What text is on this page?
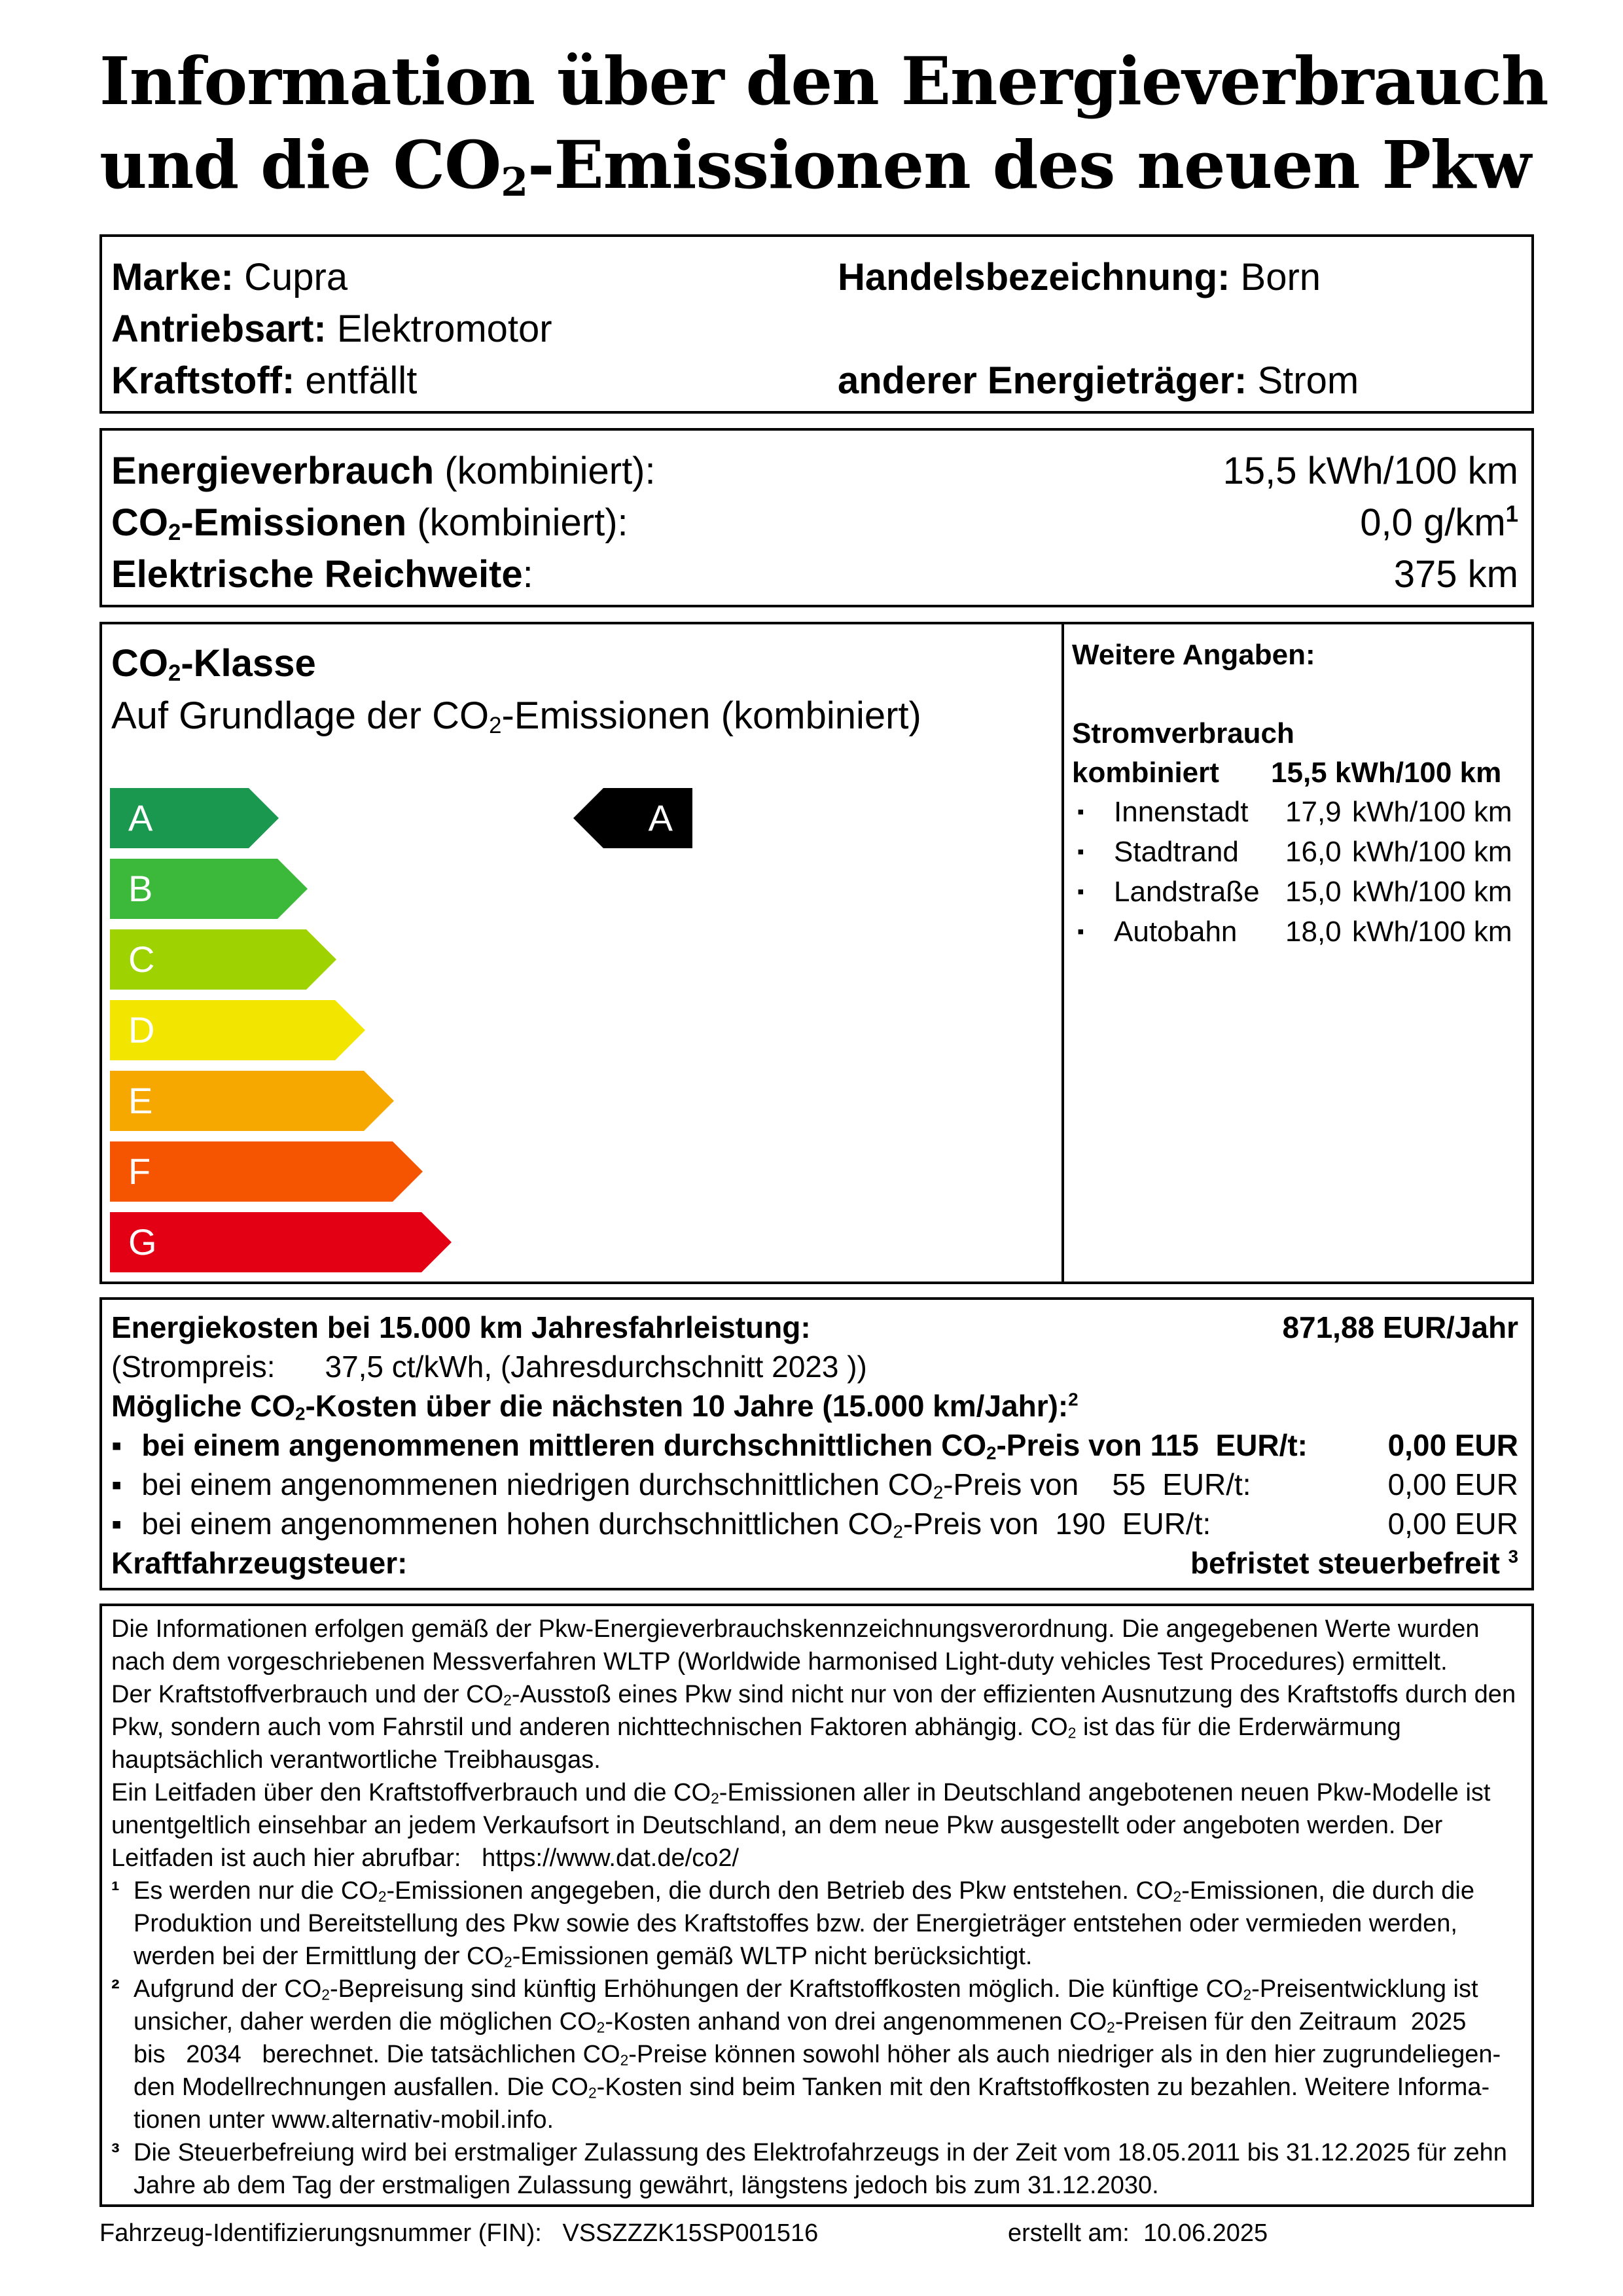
Information über den Energieverbrauch
und die $CO_2$-Emissionen des neuen Pkw
Marke: Cupra	Handelsbezeichnung: Born
Antriebsart: Elektromotor
Kraftstoff: entfällt	anderer Energieträger: Strom
Energieverbrauch (kombiniert):	15,5 kWh/100 km
$CO_2$-Emissionen (kombiniert):	0,0 $g/km^1$
Elektrische Reichweite:	375 km
$CO_2$-Klasse
Auf Grundlage der $CO_2$-Emissionen (kombiniert)
A
B
C
D
E
F
G
A
Weitere Angaben:
Stromverbrauch
kombiniert 15,5 kWh/100 km
▪ Innenstadt 17,9 kWh/100 km
▪ Stadtrand 16,0 kWh/100 km
▪ Landstraße 15,0 kWh/100 km
▪ Autobahn 18,0 kWh/100 km
Energiekosten bei 15.000 km Jahresfahrleistung:	871,88 EUR/Jahr
(Strompreis: 37,5 ct/kWh, (Jahresdurchschnitt 2023 ))
Mögliche $CO_2$-Kosten über die nächsten 10 Jahre (15.000 km/Jahr):$^2$
▪ bei einem angenommenen mittleren durchschnittlichen $CO_2$-Preis von 115 EUR/t:	0,00 EUR
▪ bei einem angenommenen niedrigen durchschnittlichen $CO_2$-Preis von 55 EUR/t:	0,00 EUR
▪ bei einem angenommenen hohen durchschnittlichen $CO_2$-Preis von 190 EUR/t:	0,00 EUR
Kraftfahrzeugsteuer:	befristet steuerbefreit $^3$

Die Informationen erfolgen gemäß der Pkw-Energieverbrauchskennzeichnungsverordnung. Die angegebenen Werte wurden nach dem vorgeschriebenen Messverfahren WLTP (Worldwide harmonised Light-duty vehicles Test Procedures) ermittelt.

Der Kraftstoffverbrauch und der $CO_2$-Ausstoß eines Pkw sind nicht nur von der effizienten Ausnutzung des Kraftstoffs durch den Pkw, sondern auch vom Fahrstil und anderen nichttechnischen Faktoren abhängig. $CO_2$ ist das für die Erderwärmung hauptsächlich verantwortliche Treibhausgas.

Ein Leitfaden über den Kraftstoffverbrauch und die $CO_2$-Emissionen aller in Deutschland angebotenen neuen Pkw-Modelle ist unentgeltlich einsehbar an jedem Verkaufsort in Deutschland, an dem neue Pkw ausgestellt oder angeboten werden. Der Leitfaden ist auch hier abrufbar: https://www.dat.de/co2/

¹ Es werden nur die $CO_2$-Emissionen angegeben, die durch den Betrieb des Pkw entstehen. $CO_2$-Emissionen, die durch die Produktion und Bereitstellung des Pkw sowie des Kraftstoffes bzw. der Energieträger entstehen oder vermieden werden, werden bei der Ermittlung der $CO_2$-Emissionen gemäß WLTP nicht berücksichtigt.

² Aufgrund der $CO_2$-Bepreisung sind künftig Erhöhungen der Kraftstoffkosten möglich. Die künftige $CO_2$-Preisentwicklung ist unsicher, daher werden die möglichen $CO_2$-Kosten anhand von drei angenommenen $CO_2$-Preisen für den Zeitraum 2025 bis 2034 berechnet. Die tatsächlichen $CO_2$-Preise können sowohl höher als auch niedriger als in den hier zugrundeliegen-den Modellrechnungen ausfallen. Die $CO_2$-Kosten sind beim Tanken mit den Kraftstoffkosten zu bezahlen. Weitere Informa-tionen unter www.alternativ-mobil.info.

³ Die Steuerbefreiung wird bei erstmaliger Zulassung des Elektrofahrzeugs in der Zeit vom 18.05.2011 bis 31.12.2025 für zehn Jahre ab dem Tag der erstmaligen Zulassung gewährt, längstens jedoch bis zum 31.12.2030.

Fahrzeug-Identifizierungsnummer (FIN): VSSZZZK15SP001516	erstellt am: 10.06.2025
